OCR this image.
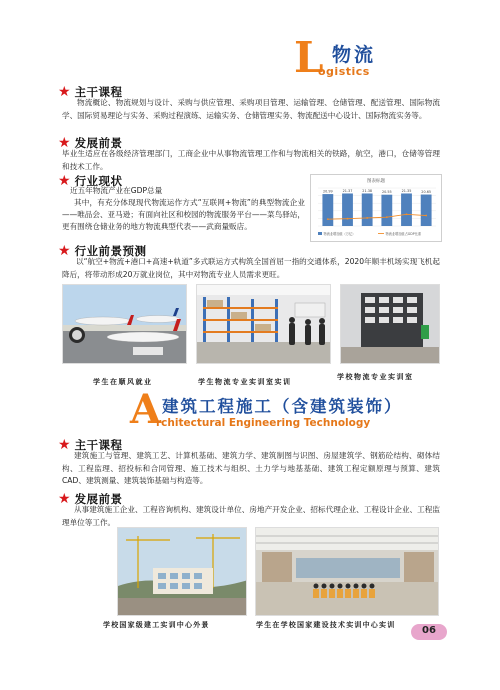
L 物流
ogistics
★ 主干课程
物流概论、物流规划与设计、采购与供应管理、采购项目管理、运输管理、仓储管理、配送管理、国际物流学、国际贸易理论与实务、采购过程演练、运输实务、仓储管理实务、物流配送中心设计、国际物流实务等。
★ 发展前景
毕业生适应在各级经济管理部门，工商企业中从事物流管理工作和与物流相关的铁路，航空，港口，仓储等管理和技术工作。
★ 行业现状
近五年物流产业在GDP总量
其中，有充分体现现代物流运作方式“互联网+物流”的典型物流企业——唯品会、亚马逊；有面向社区和校园的物流服务平台——菜鸟驿站，更有围绕仓储业务的地方物流典型代表——武商量贩店。
图表标题
20.99	21.37	21.38	20.55	21.35	20.65
物流业增加值（万亿）	物流业增加值占GDP比重
★ 行业前景预测
以“航空+物流+港口+高速+轨道”多式联运方式构筑全国首屈一指的交通体系，2020年顺丰机场实现飞机起降后，将带动形成20万就业岗位，其中对物流专业人员需求更旺。
学生在顺风就业	学生物流专业实训室实训
学校物流专业实训室
A 建筑工程施工（含建筑装饰）
rchitectural Engineering Technology
★ 主干课程
建筑施工与管理、建筑工艺、计算机基础、建筑力学、建筑制图与识图、房屋建筑学、钢筋砼结构、砌体结构、工程监理、招投标和合同管理、施工技术与组织、土力学与地基基础、建筑工程定额原理与预算、建筑CAD、建筑测量、建筑装饰基础与构造等。
★ 发展前景
从事建筑施工企业、工程咨询机构、建筑设计单位、房地产开发企业、招标代理企业、工程设计企业、工程监理单位等工作。
学校国家级建工实训中心外景	学生在学校国家建设技术实训中心实训	06
